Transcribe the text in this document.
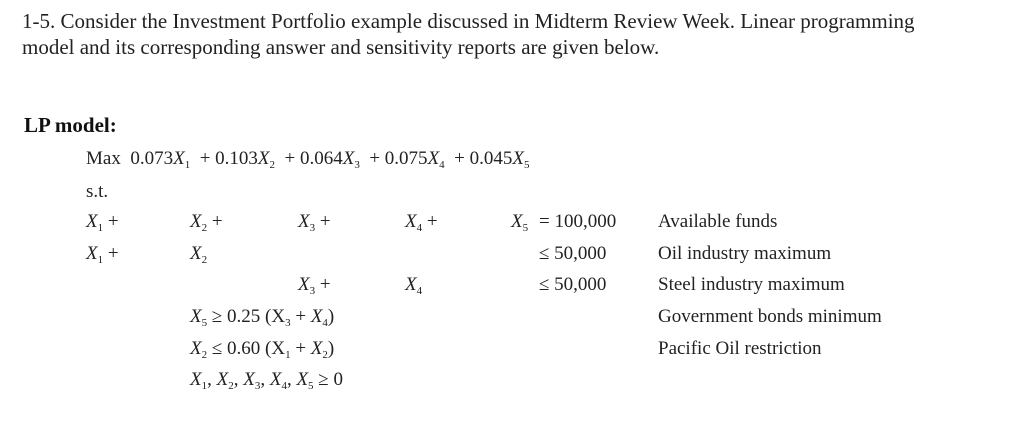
1-5. Consider the Investment Portfolio example discussed in Midterm Review Week. Linear programming
model and its corresponding answer and sensitivity reports are given below.
LP model:
Max $0.073X_1 + 0.103X_2 + 0.064X_3 + 0.075X_4 + 0.045X_5$
s.t.
$X_1$ +	$X_2$ +	$X_3$ +	$X_4$ +	$X_5 = 100,000$ Available funds
$X_1$ +	$X_2$	≤ 50,000	Oil industry maximum
$X_3$ +	$X_4$	≤ 50,000	Steel industry maximum
$X_5 \ge 0.25$ $(X_3 + X_4)$	Government bonds minimum
$X_2 \le 0.60$ $(X_1 + X_2)$	Pacific Oil restriction
$X_1$, $X_2$, $X_3$, $X_4$, $X_5 \ge 0$
